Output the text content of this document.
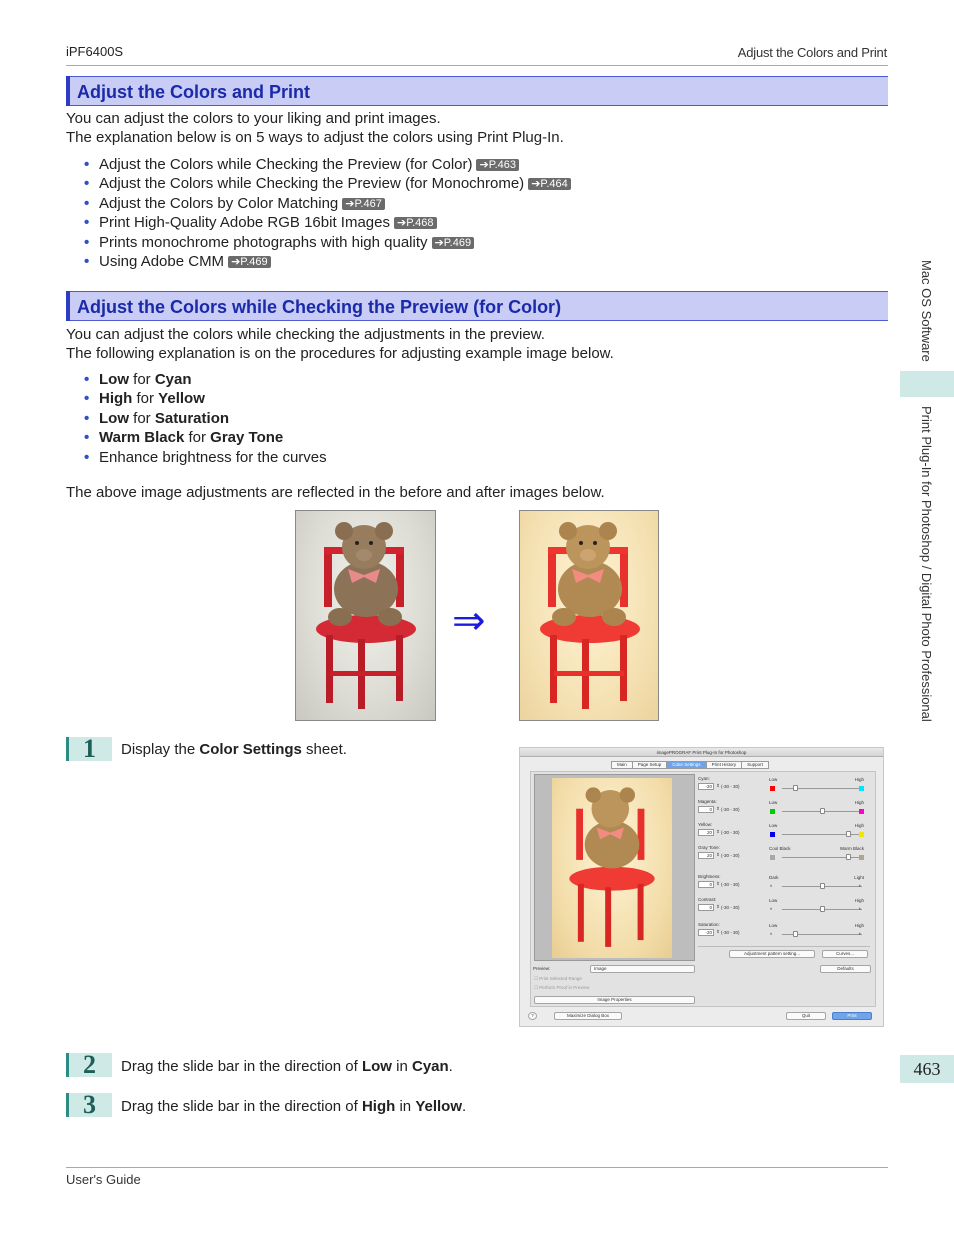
iPF6400S	Adjust the Colors and Print
Adjust the Colors and Print
You can adjust the colors to your liking and print images.
The explanation below is on 5 ways to adjust the colors using Print Plug-In.
• Adjust the Colors while Checking the Preview (for Color) ➔P.463
• Adjust the Colors while Checking the Preview (for Monochrome) ➔P.464
• Adjust the Colors by Color Matching ➔P.467
• Print High-Quality Adobe RGB 16bit Images ➔P.468
• Prints monochrome photographs with high quality ➔P.469
• Using Adobe CMM ➔P.469
Adjust the Colors while Checking the Preview (for Color)
You can adjust the colors while checking the adjustments in the preview.
The following explanation is on the procedures for adjusting example image below.
• Low for Cyan
• High for Yellow
• Low for Saturation
• Warm Black for Gray Tone
• Enhance brightness for the curves
The above image adjustments are reflected in the before and after images below.
⇒
1 Display the Color Settings sheet.	imagePROGRAF Print Plug-In for Photoshop
Main	Page Setup	Color Settings	Print History	Support
Cyan:
-20 ⇕ (-30 - 30)
Low	High
Magenta:
0 ⇕ (-30 - 30)
Low	High
Yellow:
20 ⇕ (-30 - 30)
Low	High
Gray Tone:
20 ⇕ (-30 - 30)
Cool Black	Warm Black
Brightness:
0 ⇕ (-30 - 30)
Dark	Light
◐	◑
Contrast:
0 ⇕ (-30 - 30)
Low	High
◐	◑
Saturation:
-20 ⇕ (-30 - 30)
Low	High
◐	◑
Adjustment pattern setting...	Curves...
Preview:	Image	Defaults
☐ Print Selected Range
☐ Perform Proof in Preview
Image Properties
?	Maximize Dialog Box	Quit	Print
2 Drag the slide bar in the direction of Low in Cyan.
3 Drag the slide bar in the direction of High in Yellow.
Mac OS Software
Print Plug-In for Photoshop / Digital Photo Professional
463
User's Guide
